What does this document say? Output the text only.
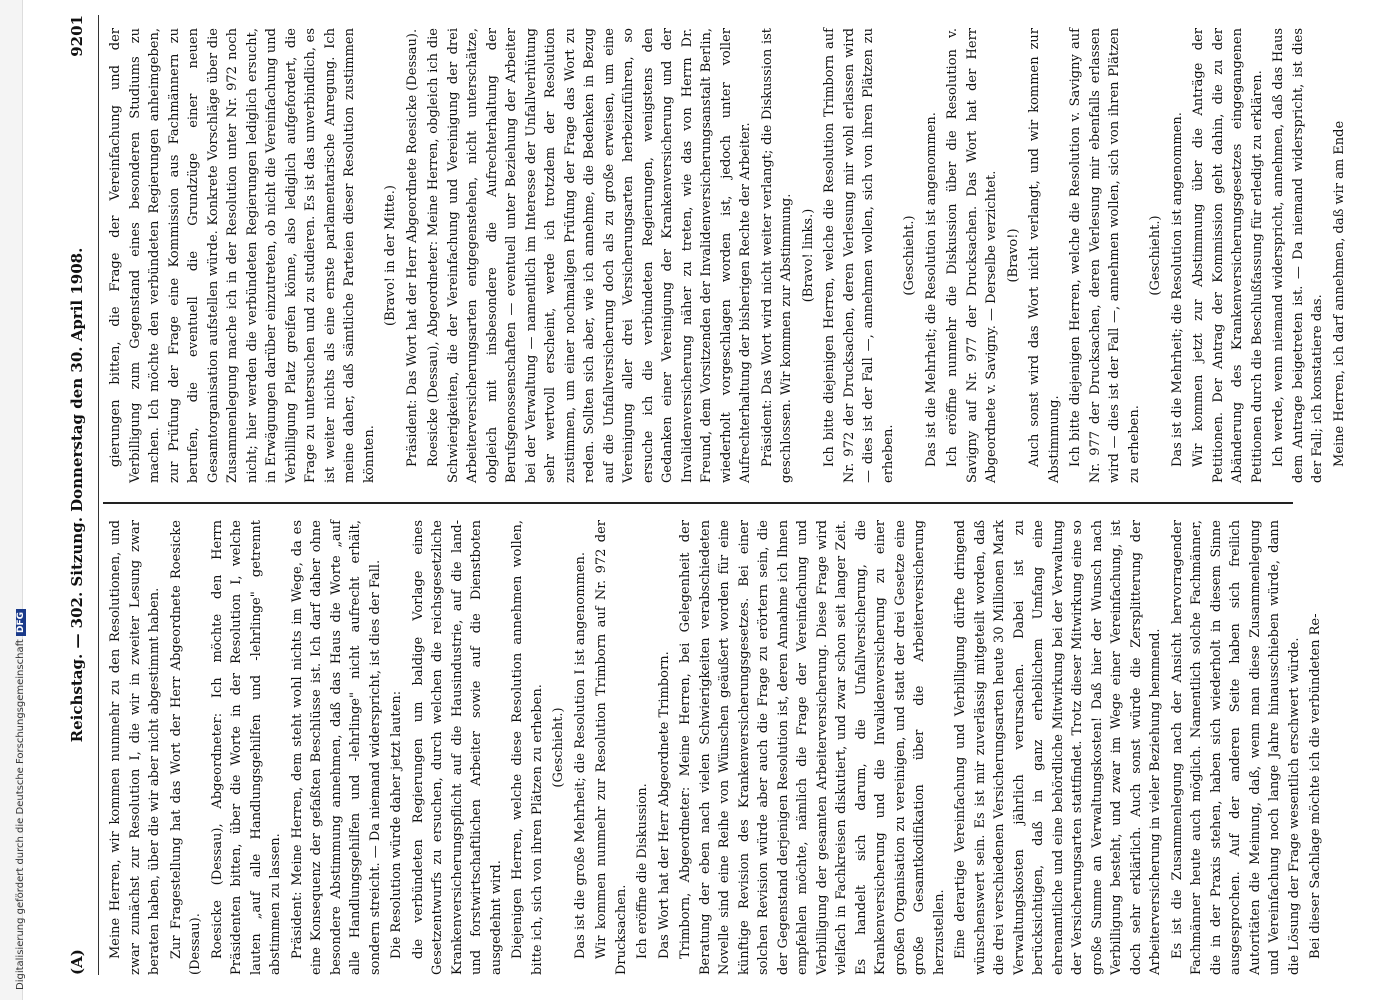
Digitalisierung gefördert durch die Deutsche Forschungsgemeinschaft DFG
(A)
Reichstag. — 302. Sitzung. Donnerstag den 30. April 1908.
9201

Meine Herren, wir kommen nunmehr zu den Resolutionen, und zwar zunächst zur Resolution I, die wir in zweiter Lesung zwar beraten haben, über die wir aber nicht abgestimmt haben. Zur Fragestellung hat das Wort der Herr Abgeordnete Roesicke (Dessau). Roesicke (Dessau), Abgeordneter: Ich möchte den Herrn Präsidenten bitten, über die Worte in der Resolution I, welche lauten „auf alle Handlungsgehilfen und -lehrlinge" getrennt abstimmen zu lassen. Präsident: Meine Herren, dem steht wohl nichts im Wege, da es eine Konsequenz der gefaßten Beschlüsse ist. Ich darf daher ohne besondere Abstimmung annehmen, daß das Haus die Worte „auf alle Handlungsgehilfen und -lehrlinge" nicht aufrecht erhält, sondern streicht. — Da niemand widerspricht, ist dies der Fall. Die Resolution würde daher jetzt lauten: die verbündeten Regierungen um baldige Vorlage eines Gesetzentwurfs zu ersuchen, durch welchen die reichsgesetzliche Krankenversicherungspflicht auf die Hausindustrie, auf die land- und forstwirtschaftlichen Arbeiter sowie auf die Dienstboten ausgedehnt wird. Diejenigen Herren, welche diese Resolution annehmen wollen, bitte ich, sich von ihren Plätzen zu erheben. (Geschieht.) Das ist die große Mehrheit; die Resolution I ist angenommen. Wir kommen nunmehr zur Resolution Trimborn auf Nr. 972 der Drucksachen. Ich eröffne die Diskussion. Das Wort hat der Herr Abgeordnete Trimborn. Trimborn, Abgeordneter: Meine Herren, bei Gelegenheit der Beratung der eben nach vielen Schwierigkeiten verabschiedeten Novelle sind eine Reihe von Wünschen geäußert worden für eine künftige Revision des Krankenversicherungsgesetzes. Bei einer solchen Revision würde aber auch die Frage zu erörtern sein, die der Gegenstand derjenigen Resolution ist, deren Annahme ich Ihnen empfehlen möchte, nämlich die Frage der Vereinfachung und Verbilligung der gesamten Arbeiterversicherung. Diese Frage wird vielfach in Fachkreisen diskutiert, und zwar schon seit langer Zeit. Es handelt sich darum, die Unfallversicherung, die Krankenversicherung und die Invalidenversicherung zu einer großen Organisation zu vereinigen, und statt der drei Gesetze eine große Gesamtkodifikation über die Arbeiterversicherung herzustellen. Eine derartige Vereinfachung und Verbilligung dürfte dringend wünschenswert sein. Es ist mir zuverlässig mitgeteilt worden, daß die drei verschiedenen Versicherungsarten heute 30 Millionen Mark Verwaltungskosten jährlich verursachen. Dabei ist zu berücksichtigen, daß in ganz erheblichem Umfang eine ehrenamtliche und eine behördliche Mitwirkung bei der Verwaltung der Versicherungsarten stattfindet. Trotz dieser Mitwirkung eine so große Summe an Verwaltungskosten! Daß hier der Wunsch nach Verbilligung besteht, und zwar im Wege einer Vereinfachung, ist doch sehr erklärlich. Auch sonst würde die Zersplitterung der Arbeiterversicherung in vieler Beziehung hemmend. Es ist die Zusammenlegung nach der Ansicht hervorragender Fachmänner heute auch möglich. Namentlich solche Fachmänner, die in der Praxis stehen, haben sich wiederholt in diesem Sinne ausgesprochen. Auf der anderen Seite haben sich freilich Autoritäten die Meinung, daß, wenn man diese Zusammenlegung und Vereinfachung noch lange Jahre hinausschieben würde, dann die Lösung der Frage wesentlich erschwert würde. Bei dieser Sachlage möchte ich die verbündeten Re-

gierungen bitten, die Frage der Vereinfachung und der Verbilligung zum Gegenstand eines besonderen Studiums zu machen. Ich möchte den verbündeten Regierungen anheimgeben, zur Prüfung der Frage eine Kommission aus Fachmännern zu berufen, die eventuell die Grundzüge einer neuen Gesamtorganisation aufstellen würde. Konkrete Vorschläge über die Zusammenlegung mache ich in der Resolution unter Nr. 972 noch nicht; hier werden die verbündeten Regierungen lediglich ersucht, in Erwägungen darüber einzutreten, ob nicht die Vereinfachung und Verbilligung Platz greifen könne, also lediglich aufgefordert, die Frage zu untersuchen und zu studieren. Es ist das unverbindlich, es ist weiter nichts als eine ernste parlamentarische Anregung. Ich meine daher, daß sämtliche Parteien dieser Resolution zustimmen könnten.

(Bravo! in der Mitte.) Präsident: Das Wort hat der Herr Abgeordnete Roesicke (Dessau). Roesicke (Dessau), Abgeordneter: Meine Herren, obgleich ich die Schwierigkeiten, die der Vereinfachung und Vereinigung der drei Arbeiterversicherungsarten entgegenstehen, nicht unterschätze, obgleich mit insbesondere die Aufrechterhaltung der Berufsgenossenschaften — eventuell unter Beziehung der Arbeiter bei der Verwaltung — namentlich im Interesse der Unfallverhütung sehr wertvoll erscheint, werde ich trotzdem der Resolution zustimmen, um einer nochmaligen Prüfung der Frage das Wort zu reden. Sollten sich aber, wie ich annehme, die Bedenken in Bezug auf die Unfallversicherung doch als zu große erweisen, um eine Vereinigung aller drei Versicherungsarten herbeizuführen, so ersuche ich die verbündeten Regierungen, wenigstens den Gedanken einer Vereinigung der Krankenversicherung und der Invalidenversicherung näher zu treten, wie das von Herrn Dr. Freund, dem Vorsitzenden der Invalidenversicherungsanstalt Berlin, wiederholt vorgeschlagen worden ist, jedoch unter voller Aufrechterhaltung der bisherigen Rechte der Arbeiter. Präsident: Das Wort wird nicht weiter verlangt; die Diskussion ist geschlossen. Wir kommen zur Abstimmung. (Bravo! links.) Ich bitte diejenigen Herren, welche die Resolution Trimborn auf Nr. 972 der Drucksachen, deren Verlesung mir wohl erlassen wird — dies ist der Fall —, annehmen wollen, sich von ihren Plätzen zu erheben.

(Geschieht.) Das ist die Mehrheit; die Resolution ist angenommen. Ich eröffne nunmehr die Diskussion über die Resolution v. Savigny auf Nr. 977 der Drucksachen. Das Wort hat der Herr Abgeordnete v. Savigny. — Derselbe verzichtet. (Bravo!) Auch sonst wird das Wort nicht verlangt, und wir kommen zur Abstimmung. Ich bitte diejenigen Herren, welche die Resolution v. Savigny auf Nr. 977 der Drucksachen, deren Verlesung mir ebenfalls erlassen wird — dies ist der Fall —, annehmen wollen, sich von ihren Plätzen zu erheben.

(Geschieht.) Das ist die Mehrheit; die Resolution ist angenommen. Wir kommen jetzt zur Abstimmung über die Anträge der Petitionen. Der Antrag der Kommission geht dahin, die zu der Abänderung des Krankenversicherungsgesetzes eingegangenen Petitionen durch die Beschlußfassung für erledigt zu erklären. Ich werde, wenn niemand widerspricht, annehmen, daß das Haus dem Antrage beigetreten ist. — Da niemand widerspricht, ist dies der Fall; ich konstatiere das. Meine Herren, ich darf annehmen, daß wir am Ende
